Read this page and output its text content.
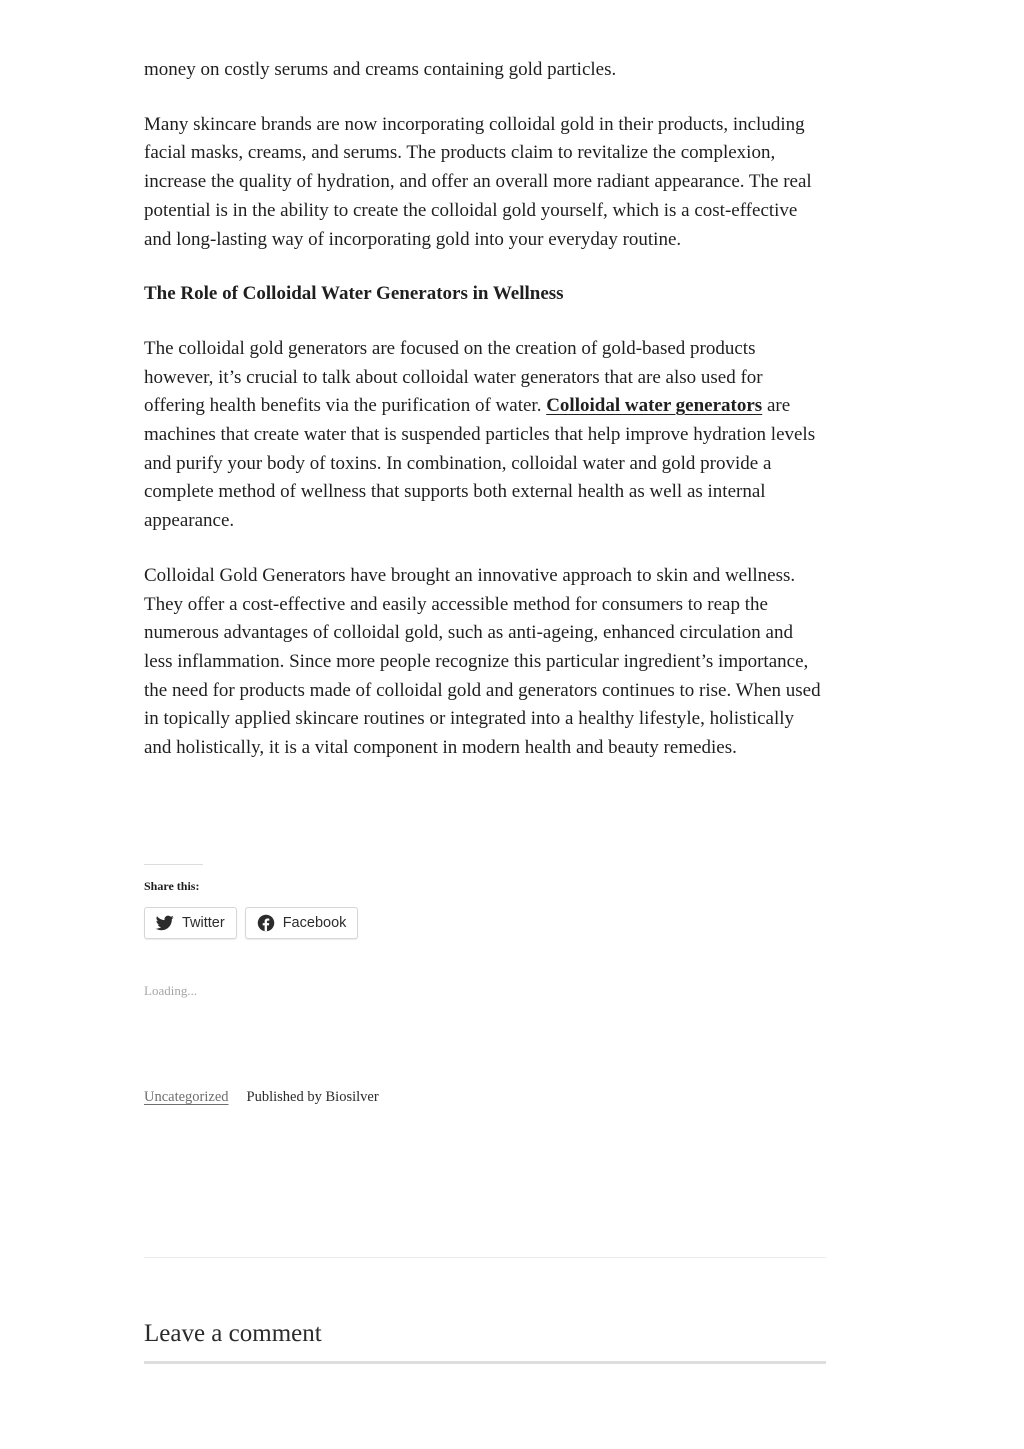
money on costly serums and creams containing gold particles.

Many skincare brands are now incorporating colloidal gold in their products, including facial masks, creams, and serums. The products claim to revitalize the complexion, increase the quality of hydration, and offer an overall more radiant appearance. The real potential is in the ability to create the colloidal gold yourself, which is a cost-effective and long-lasting way of incorporating gold into your everyday routine.

The Role of Colloidal Water Generators in Wellness

The colloidal gold generators are focused on the creation of gold-based products however, it’s crucial to talk about colloidal water generators that are also used for offering health benefits via the purification of water. Colloidal water generators are machines that create water that is suspended particles that help improve hydration levels and purify your body of toxins. In combination, colloidal water and gold provide a complete method of wellness that supports both external health as well as internal appearance.

Colloidal Gold Generators have brought an innovative approach to skin and wellness. They offer a cost-effective and easily accessible method for consumers to reap the numerous advantages of colloidal gold, such as anti-ageing, enhanced circulation and less inflammation. Since more people recognize this particular ingredient’s importance, the need for products made of colloidal gold and generators continues to rise. When used in topically applied skincare routines or integrated into a healthy lifestyle, holistically and holistically, it is a vital component in modern health and beauty remedies.

Share this:
Twitter	Facebook
Loading...
Uncategorized Published by Biosilver
Leave a comment
